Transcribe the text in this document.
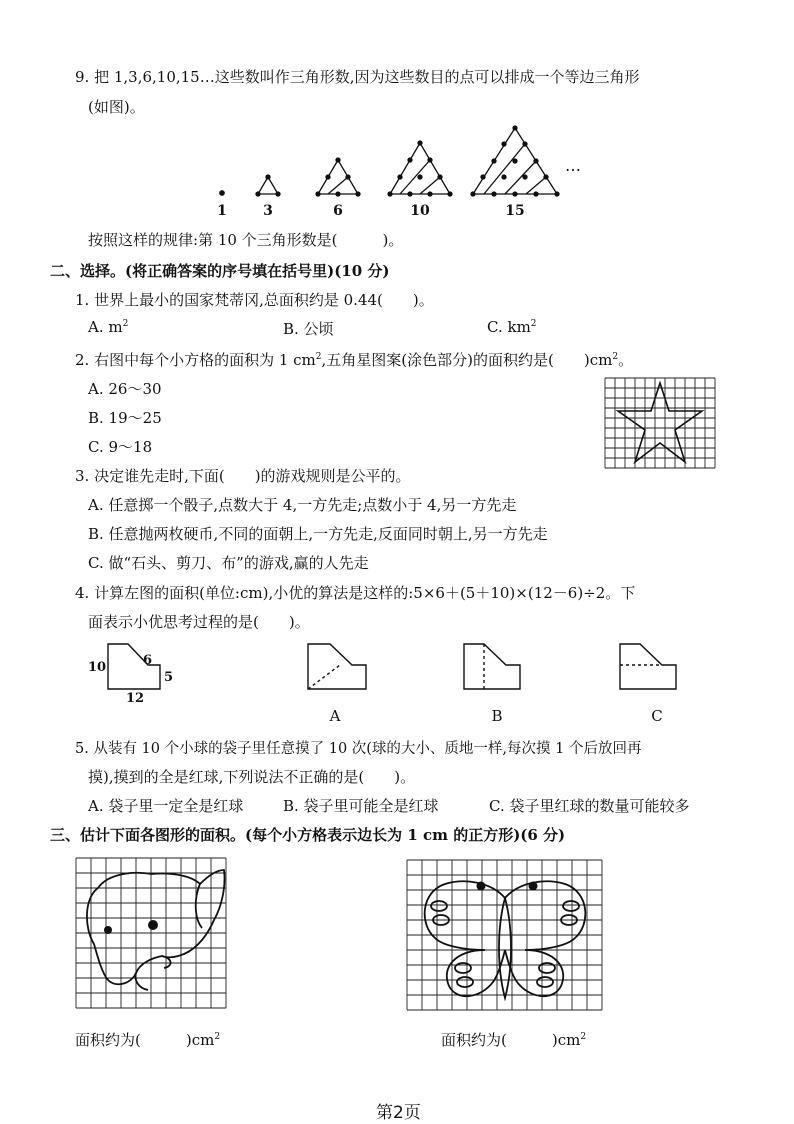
9. 把 1,3,6,10,15…这些数叫作三角形数,因为这些数目的点可以排成一个等边三角形
(如图)。
…
1	3	6	10	15
按照这样的规律:第 10 个三角形数是(　　　)。
二、选择。(将正确答案的序号填在括号里)(10 分)
1. 世界上最小的国家梵蒂冈,总面积约是 0.44(　　)。
A. $m^2$	B. 公顷	C. $km^2$
2. 右图中每个小方格的面积为 1 $cm^2$,五角星图案(涂色部分)的面积约是(　　)$cm^2$。
A. 26～30
B. 19～25
C. 9～18
3. 决定谁先走时,下面(　　)的游戏规则是公平的。
A. 任意掷一个骰子,点数大于 4,一方先走;点数小于 4,另一方先走
B. 任意抛两枚硬币,不同的面朝上,一方先走,反面同时朝上,另一方先走
C. 做“石头、剪刀、布”的游戏,赢的人先走
4. 计算左图的面积(单位:cm),小优的算法是这样的:5×6＋(5＋10)×(12－6)÷2。下
面表示小优思考过程的是(　　)。
10	6
5
12
A	B	C
5. 从装有 10 个小球的袋子里任意摸了 10 次(球的大小、质地一样,每次摸 1 个后放回再
摸),摸到的全是红球,下列说法不正确的是(　　)。
A. 袋子里一定全是红球	B. 袋子里可能全是红球	C. 袋子里红球的数量可能较多
三、估计下面各图形的面积。(每个小方格表示边长为 1 cm 的正方形)(6 分)
面积约为(　　　)$cm^2$	面积约为(　　　)$cm^2$
第2页
